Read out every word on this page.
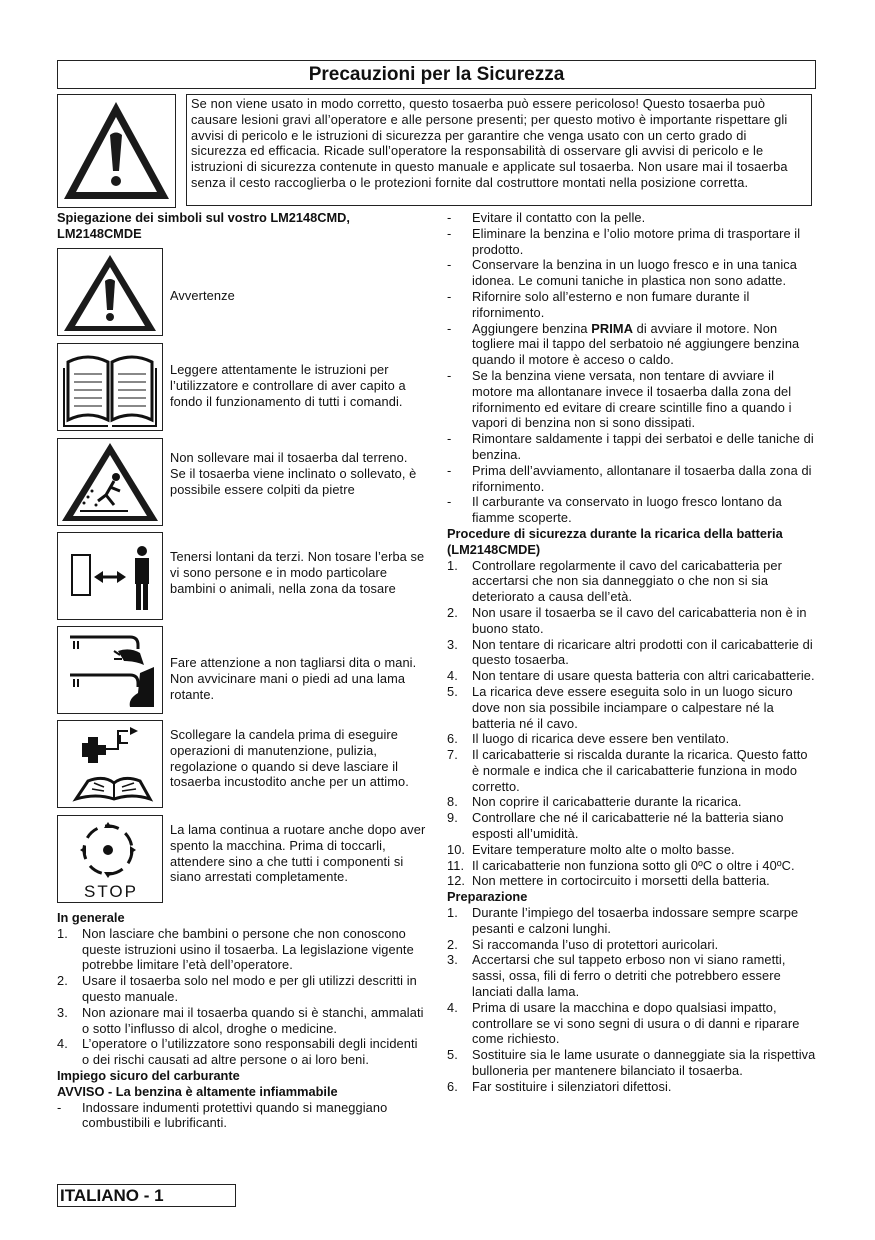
Precauzioni per la Sicurezza
Se non viene usato in modo corretto, questo tosaerba può essere pericoloso! Questo tosaerba può causare lesioni gravi all’operatore e alle persone presenti; per questo motivo è importante rispettare gli avvisi di pericolo e le istruzioni di sicurezza per garantire che venga usato con un certo grado di sicurezza ed efficacia. Ricade sull’operatore la responsabilità di osservare gli avvisi di pericolo e le istruzioni di sicurezza contenute in questo manuale e applicate sul tosaerba. Non usare mai il tosaerba senza il cesto raccoglierba o le protezioni fornite dal costruttore montati nella posizione corretta.
Spiegazione dei simboli sul vostro LM2148CMD, LM2148CMDE
Avvertenze
Leggere attentamente le istruzioni per l’utilizzatore e controllare di aver capito a fondo il funzionamento di tutti i comandi.
Non sollevare mai il tosaerba dal terreno. Se il tosaerba viene inclinato o sollevato, è possibile essere colpiti da pietre
Tenersi lontani da terzi. Non tosare l’erba se vi sono persone e in modo particolare bambini o animali, nella zona da tosare
Fare attenzione a non tagliarsi dita o mani. Non avvicinare mani o piedi ad una lama rotante.
Scollegare la candela prima di eseguire operazioni di manutenzione, pulizia, regolazione o quando si deve lasciare il tosaerba incustodito anche per un attimo.
STOP
La lama continua a ruotare anche dopo aver spento la macchina. Prima di toccarli, attendere sino a che tutti i componenti si siano arrestati completamente.
In generale
1. Non lasciare che bambini o persone che non conoscono queste istruzioni usino il tosaerba. La legislazione vigente potrebbe limitare l’età dell’operatore.
2. Usare il tosaerba solo nel modo e per gli utilizzi descritti in questo manuale.
3. Non azionare mai il tosaerba quando si è stanchi, ammalati o sotto l’influsso di alcol, droghe o medicine.
4. L’operatore o l’utilizzatore sono responsabili degli incidenti o dei rischi causati ad altre persone o ai loro beni.
Impiego sicuro del carburante
AVVISO - La benzina è altamente infiammabile
- Indossare indumenti protettivi quando si maneggiano combustibili e lubrificanti.
- Evitare il contatto con la pelle.
- Eliminare la benzina e l’olio motore prima di trasportare il prodotto.
- Conservare la benzina in un luogo fresco e in una tanica idonea. Le comuni taniche in plastica non sono adatte.
- Rifornire solo all’esterno e non fumare durante il rifornimento.
- Aggiungere benzina PRIMA di avviare il motore. Non togliere mai il tappo del serbatoio né aggiungere benzina quando il motore è acceso o caldo.
- Se la benzina viene versata, non tentare di avviare il motore ma allontanare invece il tosaerba dalla zona del rifornimento ed evitare di creare scintille fino a quando i vapori di benzina non si sono dissipati.
- Rimontare saldamente i tappi dei serbatoi e delle taniche di benzina.
- Prima dell’avviamento, allontanare il tosaerba dalla zona di rifornimento.
- Il carburante va conservato in luogo fresco lontano da fiamme scoperte.
Procedure di sicurezza durante la ricarica della batteria (LM2148CMDE)
1. Controllare regolarmente il cavo del caricabatteria per accertarsi che non sia danneggiato o che non si sia deteriorato a causa dell’età.
2. Non usare il tosaerba se il cavo del caricabatteria non è in buono stato.
3. Non tentare di ricaricare altri prodotti con il caricabatterie di questo tosaerba.
4. Non tentare di usare questa batteria con altri caricabatterie.
5. La ricarica deve essere eseguita solo in un luogo sicuro dove non sia possibile inciampare o calpestare né la batteria né il cavo.
6. Il luogo di ricarica deve essere ben ventilato.
7. Il caricabatterie si riscalda durante la ricarica. Questo fatto è normale e indica che il caricabatterie funziona in modo corretto.
8. Non coprire il caricabatterie durante la ricarica.
9. Controllare che né il caricabatterie né la batteria siano esposti all’umidità.
10. Evitare temperature molto alte o molto basse.
11. Il caricabatterie non funziona sotto gli 0ºC o oltre i 40ºC.
12. Non mettere in cortocircuito i morsetti della batteria.
Preparazione
1. Durante l’impiego del tosaerba indossare sempre scarpe pesanti e calzoni lunghi.
2. Si raccomanda l’uso di protettori auricolari.
3. Accertarsi che sul tappeto erboso non vi siano rametti, sassi, ossa, fili di ferro o detriti che potrebbero essere lanciati dalla lama.
4. Prima di usare la macchina e dopo qualsiasi impatto, controllare se vi sono segni di usura o di danni e riparare come richiesto.
5. Sostituire sia le lame usurate o danneggiate sia la rispettiva bulloneria per mantenere bilanciato il tosaerba.
6. Far sostituire i silenziatori difettosi.
ITALIANO - 1
